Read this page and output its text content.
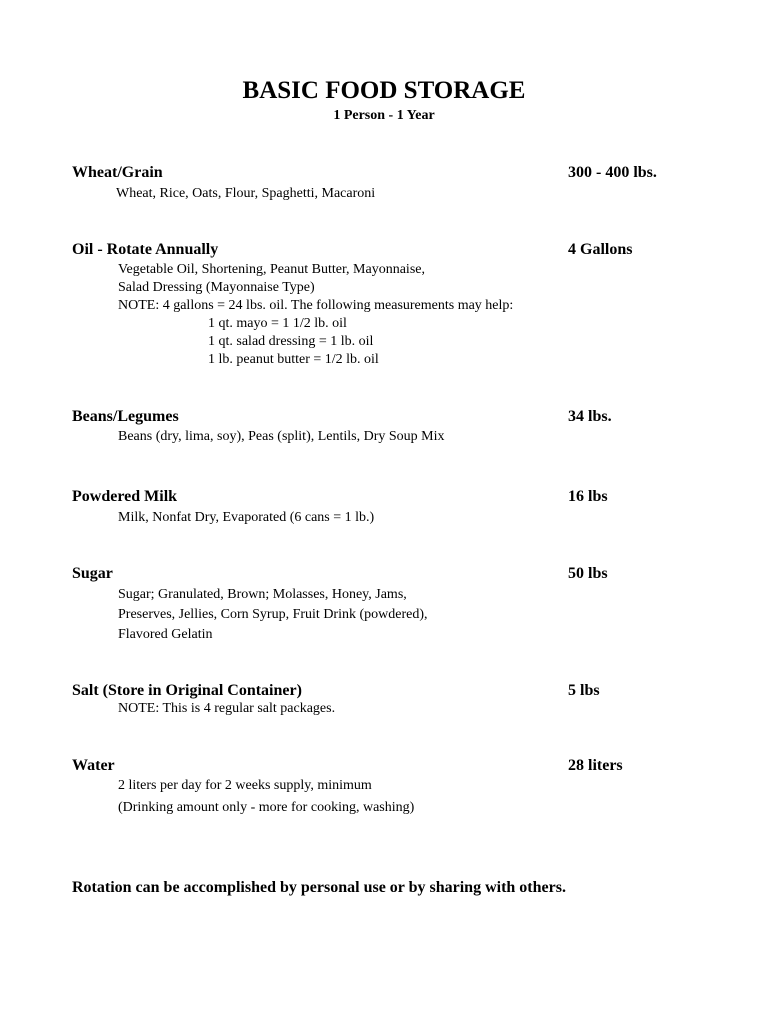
BASIC FOOD STORAGE
1 Person - 1 Year
Wheat/Grain	300 - 400 lbs.
Wheat, Rice, Oats, Flour, Spaghetti, Macaroni
Oil - Rotate Annually	4 Gallons
Vegetable Oil, Shortening, Peanut Butter, Mayonnaise,
Salad Dressing (Mayonnaise Type)
NOTE: 4 gallons = 24 lbs. oil. The following measurements may help:
1 qt. mayo = 1 1/2 lb. oil
1 qt. salad dressing = 1 lb. oil
1 lb. peanut butter = 1/2 lb. oil
Beans/Legumes	34 lbs.
Beans (dry, lima, soy), Peas (split), Lentils, Dry Soup Mix
Powdered Milk	16 lbs
Milk, Nonfat Dry, Evaporated (6 cans = 1 lb.)
Sugar	50 lbs
Sugar; Granulated, Brown; Molasses, Honey, Jams,
Preserves, Jellies, Corn Syrup, Fruit Drink (powdered),
Flavored Gelatin
Salt (Store in Original Container)	5 lbs
NOTE: This is 4 regular salt packages.
Water	28 liters
2 liters per day for 2 weeks supply, minimum
(Drinking amount only - more for cooking, washing)
Rotation can be accomplished by personal use or by sharing with others.
